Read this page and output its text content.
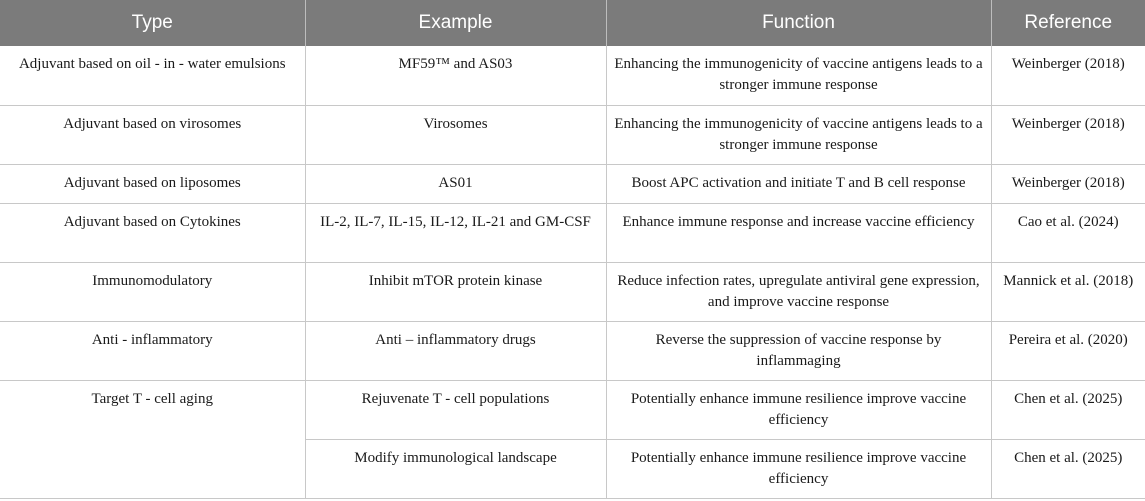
Type	Example	Function	Reference
Adjuvant based on oil - in - water emulsions	MF59™ and AS03	Enhancing the immunogenicity of vaccine antigens leads to a stronger immune response	Weinberger (2018)
Adjuvant based on virosomes	Virosomes	Enhancing the immunogenicity of vaccine antigens leads to a stronger immune response	Weinberger (2018)
Adjuvant based on liposomes	AS01	Boost APC activation and initiate T and B cell response	Weinberger (2018)
Adjuvant based on Cytokines	IL-2, IL-7, IL-15, IL-12, IL-21 and GM-CSF	Enhance immune response and increase vaccine efficiency	Cao et al. (2024)
Immunomodulatory	Inhibit mTOR protein kinase	Reduce infection rates, upregulate antiviral gene expression, and improve vaccine response	Mannick et al. (2018)
Anti - inflammatory	Anti – inflammatory drugs	Reverse the suppression of vaccine response by inflammaging	Pereira et al. (2020)
Target T - cell aging	Rejuvenate T - cell populations	Potentially enhance immune resilience improve vaccine efficiency	Chen et al. (2025)
	Modify immunological landscape	Potentially enhance immune resilience improve vaccine efficiency	Chen et al. (2025)
